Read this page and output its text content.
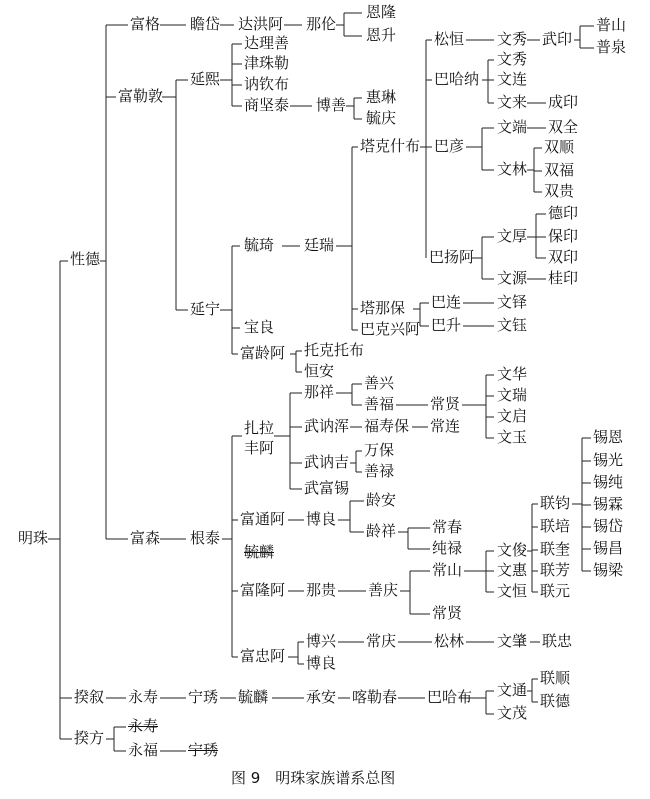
明珠
性德
富格 瞻岱 达洪阿 那伦
恩隆
恩升
富勒敦
延熙
达理善
津珠勒
讷钦布
商坚泰 博善 惠琳
毓庆
松恒 文秀 武印
普山
普泉
巴哈纳
文秀
文连
文来 成印
塔克什布 巴彦
文端 双全
文林
双顺
双福
双贵
巴扬阿
文厚
德印
保印
双印
文源 桂印
延宁
毓琦 廷瑞
塔那保 巴连 文铎
巴克兴阿 巴升 文钰
宝良
富龄阿 托克托布
恒安
富森 根泰
扎拉
丰阿
那祥 善兴
善福 常贤
文华
文瑞
文启
文玉
武讷浑 福寿保 常连
武讷吉
万保
善禄
武富锡
富通阿 博良
龄安
龄祥 常春
纯禄
毓麟
富隆阿 那贵 善庆
常山
常贤
文俊
文惠
文恒
联钧
联培
联奎
联芳
联元
锡恩
锡光
锡纯
锡霖
锡岱
锡昌
锡梁
富忠阿
博兴 常庆	松林 文肇 联忠
博良
揆叙 永寿 宁琇 毓麟	承安 喀勒春 巴哈布 文通
文茂
联顺
联德
揆方
永寿
永福 宁琇
图 9　明珠家族谱系总图
